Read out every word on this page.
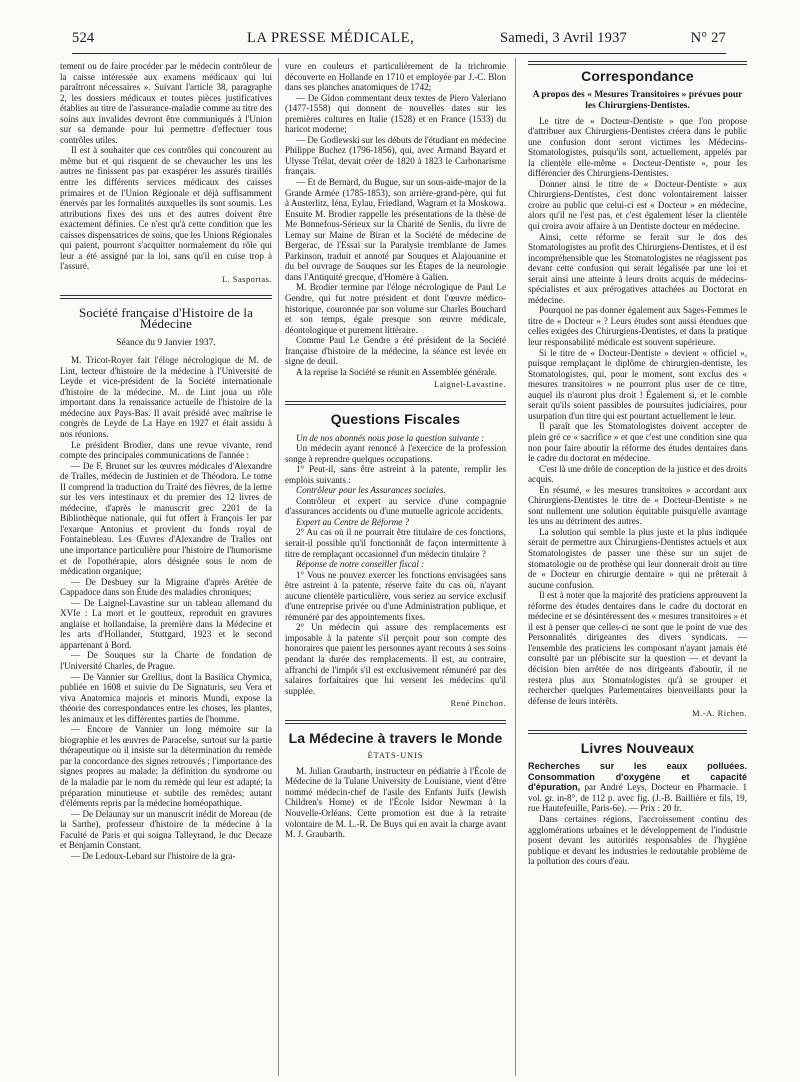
524	LA PRESSE MÉDICALE,	Samedi, 3 Avril 1937	N° 27

tement ou de faire procéder par le médecin contrôleur de la caisse intéressée aux examens médicaux qui lui paraîtront nécessaires ». Suivant l'article 38, paragraphe 2, les dossiers médicaux et toutes pièces justificatives établies au titre de l'assurance-maladie comme au titre des soins aux invalides devront être communiqués à l'Union sur sa demande pour lui permettre d'effectuer tous contrôles utiles.

Il est à souhaiter que ces contrôles qui concourent au même but et qui risquent de se chevaucher les uns les autres ne finissent pas par exaspérer les assurés tiraillés entre les différents services médicaux des caisses primaires et de l'Union Régionale et déjà suffisamment énervés par les formalités auxquelles ils sont soumis. Les attributions fixes des uns et des autres doivent être exactement définies. Ce n'est qu'à cette condition que les caisses dispensatrices de soins, que les Unions Régionales qui paient, pourront s'acquitter normalement du rôle qui leur a été assigné par la loi, sans qu'il en cuise trop à l'assuré.

L. Sasportas.
Société française d'Histoire de la Médecine
Séance du 9 Janvier 1937.

M. Tricot-Royer fait l'éloge nécrologique de M. de Lint, lecteur d'histoire de la médecine à l'Université de Leyde et vice-président de la Société internationale d'histoire de la médecine. M. de Lint joua un rôle important dans la renaissance actuelle de l'histoire de la médecine aux Pays-Bas. Il avait présidé avec maîtrise le congrès de Leyde de La Haye en 1927 et était assidu à nos réunions.

Le président Brodier, dans une revue vivante, rend compte des principales communications de l'année :

— De F. Brunet sur les œuvres médicales d'Alexandre de Tralles, médecin de Justinien et de Théodora. Le tome II comprend la traduction du Traité des fièvres, de la lettre sur les vers intestinaux et du premier des 12 livres de médecine, d'après le manuscrit grec 2201 de la Bibliothèque nationale, qui fut offert à François Ier par l'exarque Antonius et provient du fonds royal de Fontainebleau. Les Œuvres d'Alexandre de Tralles ont une importance particulière pour l'histoire de l'humorisme et de l'opothérapie, alors désignée sous le nom de médication organique;

— De Desbuey sur la Migraine d'après Arétée de Cappadoce dans son Étude des maladies chroniques;

— De Laignel-Lavastine sur un tableau allemand du XVIe : La mort et le goutteux, reproduit en gravures anglaise et hollandaise, la première dans la Médecine et les arts d'Hollander, Stuttgard, 1923 et le second appartenant à Bord.

— De Souques sur la Charte de fondation de l'Université Charles, de Prague.

— De Vannier sur Grellius, dont la Basilica Chymica, publiée en 1608 et suivie du De Signaturis, seu Vera et viva Anatomica majoris et minoris Mundi, expose la théorie des correspondances entre les choses, les plantes, les animaux et les différentes parties de l'homme.

— Encore de Vannier un long mémoire sur la biographie et les œuvres de Paracelse, surtout sur la partie thérapeutique où il insiste sur la détermination du remède par la concordance des signes retrouvés ; l'importance des signes propres au malade; la définition du syndrome ou de la maladie par le nom du remède qui leur est adapté; la préparation minutieuse et subtile des remèdes; autant d'éléments repris par la médecine homéopathique.

— De Delaunay sur un manuscrit inédit de Moreau (de la Sarthe), professeur d'histoire de la médecine à la Faculté de Paris et qui soigna Talleyrand, le duc Decaze et Benjamin Constant.

— De Ledoux-Lebard sur l'histoire de la gra-

vure en couleurs et particulièrement de la trichromie découverte en Hollande en 1710 et employée par J.-C. Blon dans ses planches anatomiques de 1742;

— De Gidon commentant deux textes de Piero Valeriano (1477-1558) qui donnent de nouvelles dates sur les premières cultures en Italie (1528) et en France (1533) du haricot moderne;

— De Godlewski sur les débuts de l'étudiant en médecine Philippe Buchez (1796-1856), qui, avec Armand Bayard et Ulysse Trélat, devait créer de 1820 à 1823 le Carbonarisme français.

— Et de Bernard, du Bugue, sur un sous-aide-major de la Grande Armée (1785-1853), son arrière-grand-père, qui fut à Austerlitz, Iéna, Eylau, Friedland, Wagram et la Moskowa. Ensuite M. Brodier rappelle les présentations de la thèse de Me Bonnefous-Sérieux sur la Charité de Senlis, du livre de Lemay sur Maine de Biran et la Société de médecine de Bergerac, de l'Essai sur la Paralysie tremblante de James Parkinson, traduit et annoté par Souques et Alajouanine et du bel ouvrage de Souques sur les Étapes de la neurologie dans l'Antiquité grecque, d'Homère à Galien.

M. Brodier termine par l'éloge nécrologique de Paul Le Gendre, qui fut notre président et dont l'œuvre médico-historique, couronnée par son volume sur Charles Bouchard et son temps, égale presque son œuvre médicale, déontologique et purement littéraire.

Comme Paul Le Gendre a été président de la Société française d'histoire de la médecine, la séance est levée en signe de deuil.

A la reprise la Société se réunit en Assemblée générale.

Laignel-Lavastine.
Questions Fiscales

Un de nos abonnés nous pose la question suivante :

Un médecin ayant renoncé à l'exercice de la profession songe à reprendre quelques occupations.

1° Peut-il, sans être astreint à la patente, remplir les emplois suivants :

Contrôleur pour les Assurances sociales.

Contrôleur et expert au service d'une compagnie d'assurances accidents ou d'une mutuelle agricole accidents.

Expert au Centre de Réforme ?

2° Au cas où il ne pourrait être titulaire de ces fonctions, serait-il possible qu'il fonctionnât de façon intermittente à titre de remplaçant occasionnel d'un médecin titulaire ?

Réponse de notre conseiller fiscal :

1° Vous ne pouvez exercer les fonctions envisagées sans être astreint à la patente, réserve faite du cas où, n'ayant aucune clientèle particulière, vous seriez au service exclusif d'une entreprise privée ou d'une Administration publique, et rémunéré par des appointements fixes.

2° Un médecin qui assure des remplacements est imposable à la patente s'il perçoit pour son compte des honoraires que paient les personnes ayant recours à ses soins pendant la durée des remplacements. Il est, au contraire, affranchi de l'impôt s'il est exclusivement rémunéré par des salaires forfaitaires que lui versent les médecins qu'il supplée.

René Pinchon.
La Médecine à travers le Monde
ÉTATS-UNIS

M. Julian Graubarth, instructeur en pédiatrie à l'École de Médecine de la Tulane University de Louisiane, vient d'être nommé médecin-chef de l'asile des Enfants Juifs (Jewish Children's Home) et de l'École Isidor Newman à la Nouvelle-Orléans. Cette promotion est due à la retraite volontaire de M. L.-R. De Buys qui en avait la charge avant M. J. Graubarth.

Correspondance
A propos des « Mesures Transitoires » prévues pour les Chirurgiens-Dentistes.

Le titre de « Docteur-Dentiste » que l'on propose d'attribuer aux Chirurgiens-Dentistes créera dans le public une confusion dont seront victimes les Médecins-Stomatologistes, puisqu'ils sont, actuellement, appelés par la clientèle elle-même « Docteur-Dentiste », pour les différencier des Chirurgiens-Dentistes.

Donner ainsi le titre de « Docteur-Dentiste » aux Chirurgiens-Dentistes, c'est donc volontairement laisser croire au public que celui-ci est « Docteur » en médecine, alors qu'il ne l'est pas, et c'est également léser la clientèle qui croira avoir affaire à un Dentiste docteur en médecine.

Ainsi, cette réforme se ferait sur le dos des Stomatologistes au profit des Chirurgiens-Dentistes, et il est incompréhensible que les Stomatologistes ne réagissent pas devant cette confusion qui serait légalisée par une loi et serait ainsi une atteinte à leurs droits acquis de médecins-spécialistes et aux prérogatives attachées au Doctorat en médecine.

Pourquoi ne pas donner également aux Sages-Femmes le titre de « Docteur » ? Leurs études sont aussi étendues que celles exigées des Chirurgiens-Dentistes, et dans la pratique leur responsabilité médicale est souvent supérieure.

Si le titre de « Docteur-Dentiste » devient « officiel », puisque remplaçant le diplôme de chirurgien-dentiste, les Stomatologistes, qui, pour le moment, sont exclus des « mesures transitoires » ne pourront plus user de ce titre, auquel ils n'auront plus droit ! Également si, et le comble serait qu'ils soient passibles de poursuites judiciaires, pour usurpation d'un titre qui est pourtant actuellement le leur.

Il paraît que les Stomatologistes doivent accepter de plein gré ce « sacrifice » et que c'est une condition sine qua non pour faire aboutir la réforme des études dentaires dans le cadre du doctorat en médecine.

C'est là une drôle de conception de la justice et des droits acquis.

En résumé, « les mesures transitoires » accordant aux Chirurgiens-Dentistes le titre de « Docteur-Dentiste » ne sont nullement une solution équitable puisqu'elle avantage les uns au détriment des autres.

La solution qui semble la plus juste et la plus indiquée serait de permettre aux Chirurgiens-Dentistes actuels et aux Stomatologistes de passer une thèse sur un sujet de stomatologie ou de prothèse qui leur donnerait droit au titre de « Docteur en chirurgie dentaire » qui ne prêterait à aucune confusion.

Il est à noter que la majorité des praticiens approuvent la réforme des études dentaires dans le cadre du doctorat en médecine et se désintéressent des « mesures transitoires » et il est à penser que celles-ci ne sont que le point de vue des Personnalités dirigeantes des divers syndicats. — l'ensemble des praticiens les composant n'ayant jamais été consulté par un plébiscite sur la question — et devant la décision bien arrêtée de nos dirigeants d'aboutir, il ne restera plus aux Stomatologistes qu'à se grouper et rechercher quelques Parlementaires bienveillants pour la défense de leurs intérêts.

M.-A. Richen.
Livres Nouveaux

Recherches sur les eaux polluées. Consommation d'oxygène et capacité d'épuration, par André Leys, Docteur en Pharmacie. 1 vol. gr. in-8°, de 112 p. avec fig. (J.-B. Baillière et fils, 19, rue Hautefeuille, Paris-6e). — Prix : 20 fr.

Dans certaines régions, l'accroissement continu des agglomérations urbaines et le développement de l'industrie posent devant les autorités responsables de l'hygiène publique et devant les industries le redoutable problème de la pollution des cours d'eau.
